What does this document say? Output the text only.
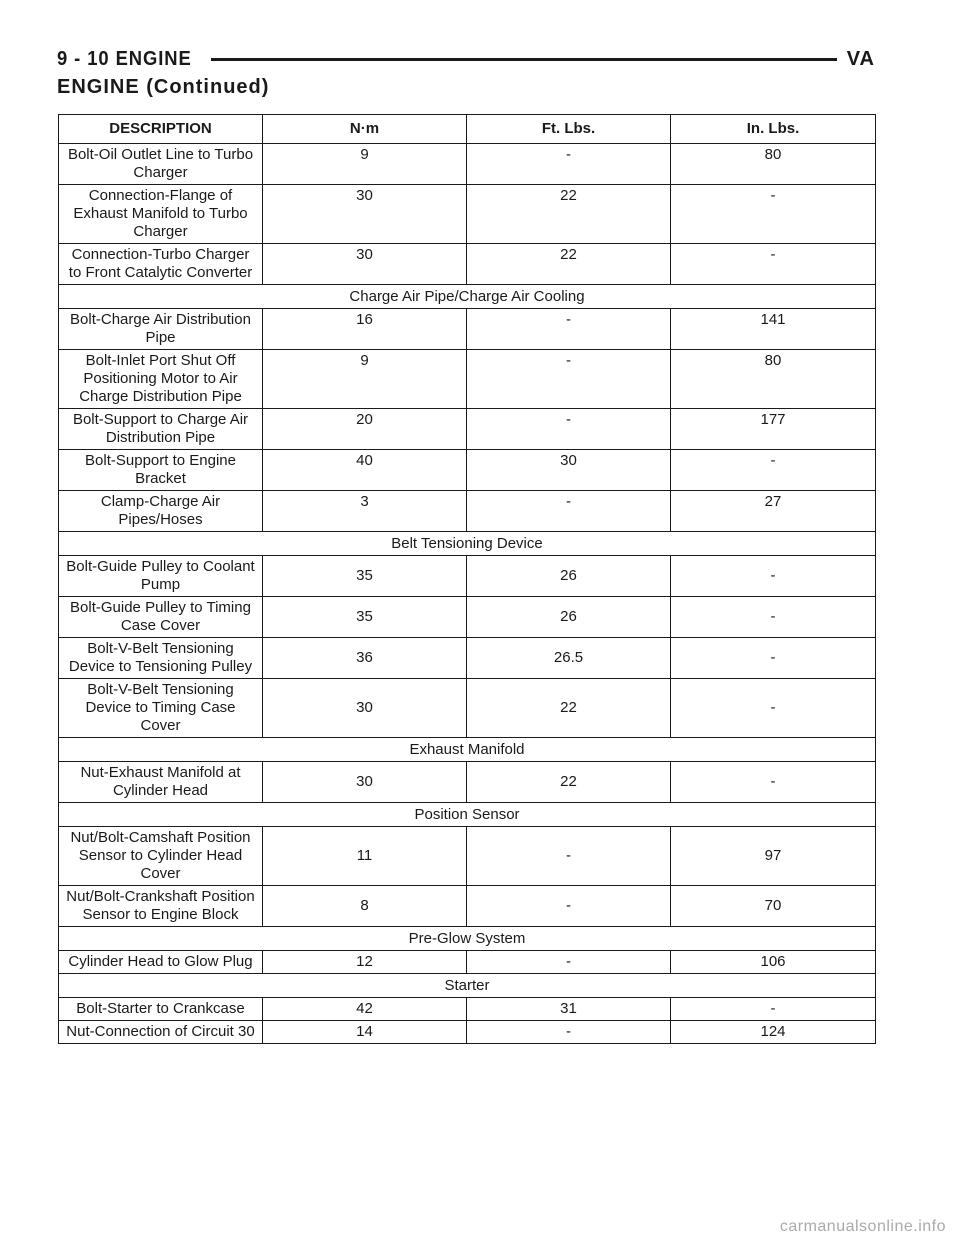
9 - 10 ENGINE	VA
ENGINE (Continued)
DESCRIPTION	N·m	Ft. Lbs.	In. Lbs.
Bolt-Oil Outlet Line to Turbo Charger	9	-	80
Connection-Flange of Exhaust Manifold to Turbo Charger	30	22	-
Connection-Turbo Charger to Front Catalytic Converter	30	22	-
Charge Air Pipe/Charge Air Cooling			
Bolt-Charge Air Distribution Pipe	16	-	141
Bolt-Inlet Port Shut Off Positioning Motor to Air Charge Distribution Pipe	9	-	80
Bolt-Support to Charge Air Distribution Pipe	20	-	177
Bolt-Support to Engine Bracket	40	30	-
Clamp-Charge Air Pipes/Hoses	3	-	27
Belt Tensioning Device			
Bolt-Guide Pulley to Coolant Pump	35	26	-
Bolt-Guide Pulley to Timing Case Cover	35	26	-
Bolt-V-Belt Tensioning Device to Tensioning Pulley	36	26.5	-
Bolt-V-Belt Tensioning Device to Timing Case Cover	30	22	-
Exhaust Manifold			
Nut-Exhaust Manifold at Cylinder Head	30	22	-
Position Sensor			
Nut/Bolt-Camshaft Position Sensor to Cylinder Head Cover	11	-	97
Nut/Bolt-Crankshaft Position Sensor to Engine Block	8	-	70
Pre-Glow System			
Cylinder Head to Glow Plug	12	-	106
Starter			
Bolt-Starter to Crankcase	42	31	-
Nut-Connection of Circuit 30	14	-	124
carmanualsonline.info
